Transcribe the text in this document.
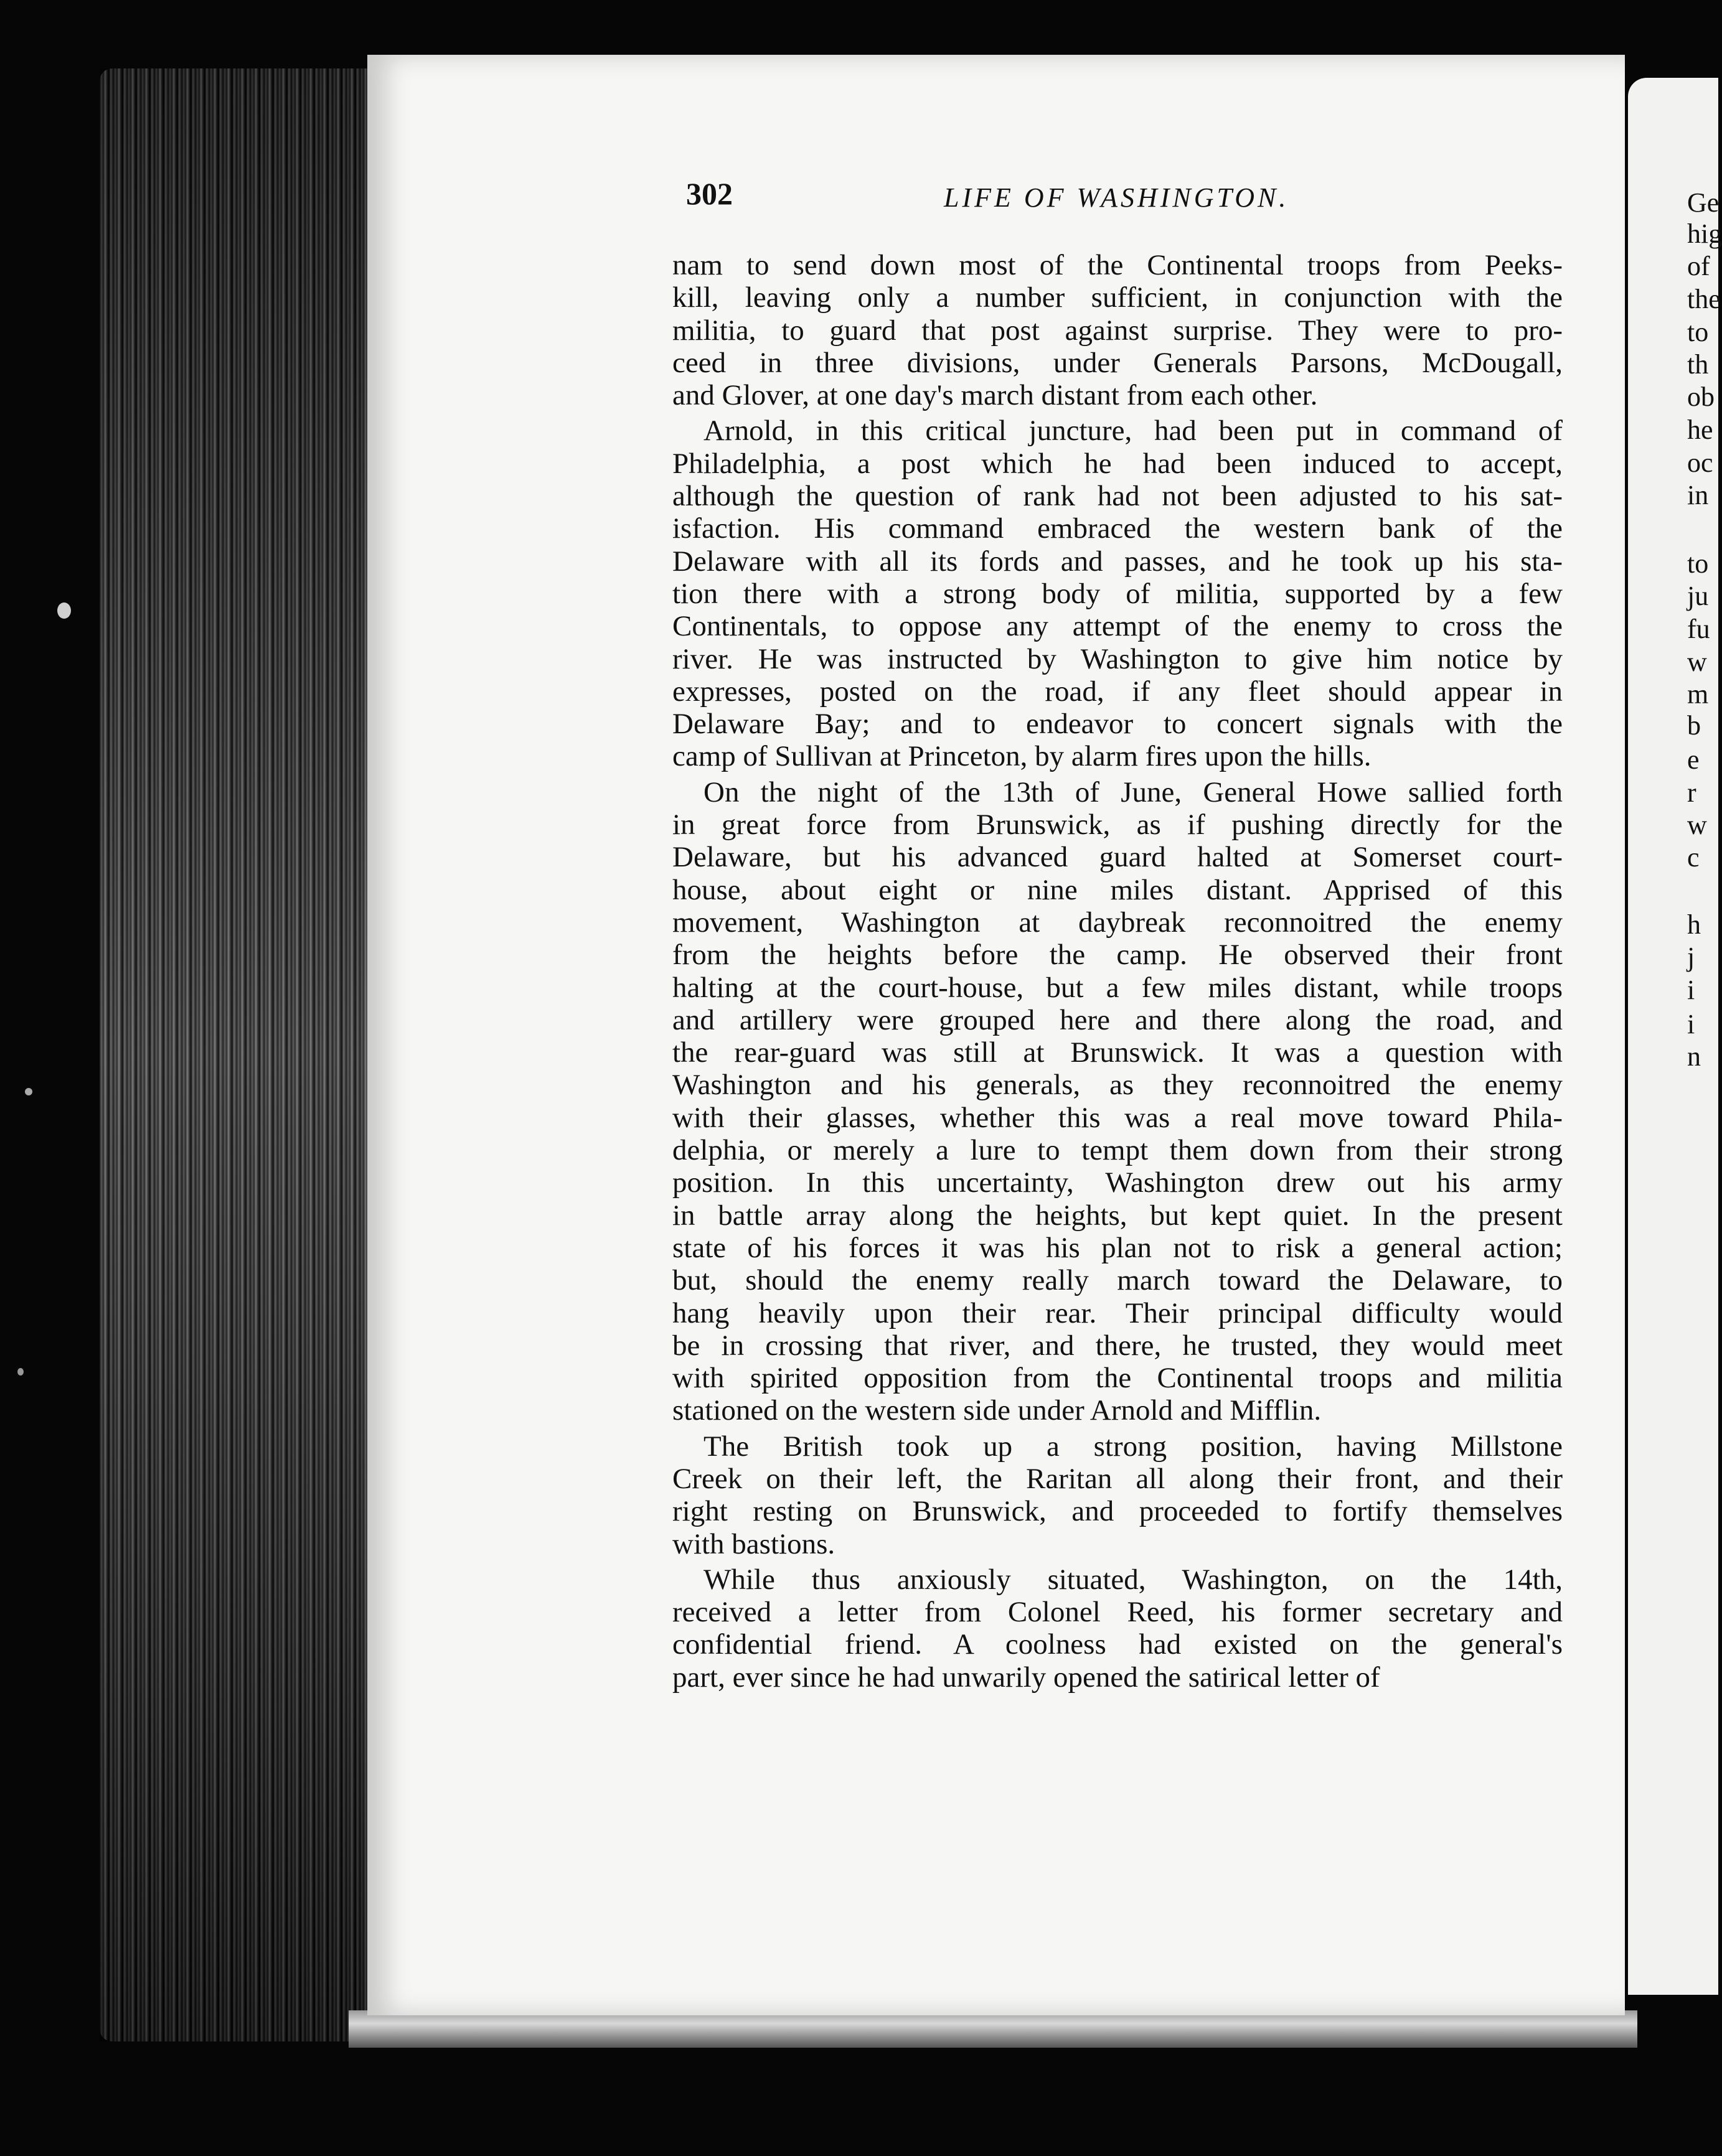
Ge
hig
of
the
to
th
ob
he
oc
in
to
ju
fu
w
m
b
e
r
w
c
h
j
i
i
n
302	LIFE OF WASHINGTON.
nam to send down most of the Continental troops from Peeks-
kill, leaving only a number sufficient, in conjunction with the
militia, to guard that post against surprise. They were to pro-
ceed in three divisions, under Generals Parsons, McDougall,
and Glover, at one day's march distant from each other.
Arnold, in this critical juncture, had been put in command of
Philadelphia, a post which he had been induced to accept,
although the question of rank had not been adjusted to his sat-
isfaction. His command embraced the western bank of the
Delaware with all its fords and passes, and he took up his sta-
tion there with a strong body of militia, supported by a few
Continentals, to oppose any attempt of the enemy to cross the
river. He was instructed by Washington to give him notice by
expresses, posted on the road, if any fleet should appear in
Delaware Bay; and to endeavor to concert signals with the
camp of Sullivan at Princeton, by alarm fires upon the hills.
On the night of the 13th of June, General Howe sallied forth
in great force from Brunswick, as if pushing directly for the
Delaware, but his advanced guard halted at Somerset court-
house, about eight or nine miles distant. Apprised of this
movement, Washington at daybreak reconnoitred the enemy
from the heights before the camp. He observed their front
halting at the court-house, but a few miles distant, while troops
and artillery were grouped here and there along the road, and
the rear-guard was still at Brunswick. It was a question with
Washington and his generals, as they reconnoitred the enemy
with their glasses, whether this was a real move toward Phila-
delphia, or merely a lure to tempt them down from their strong
position. In this uncertainty, Washington drew out his army
in battle array along the heights, but kept quiet. In the present
state of his forces it was his plan not to risk a general action;
but, should the enemy really march toward the Delaware, to
hang heavily upon their rear. Their principal difficulty would
be in crossing that river, and there, he trusted, they would meet
with spirited opposition from the Continental troops and militia
stationed on the western side under Arnold and Mifflin.
The British took up a strong position, having Millstone
Creek on their left, the Raritan all along their front, and their
right resting on Brunswick, and proceeded to fortify themselves
with bastions.
While thus anxiously situated, Washington, on the 14th,
received a letter from Colonel Reed, his former secretary and
confidential friend. A coolness had existed on the general's
part, ever since he had unwarily opened the satirical letter of
